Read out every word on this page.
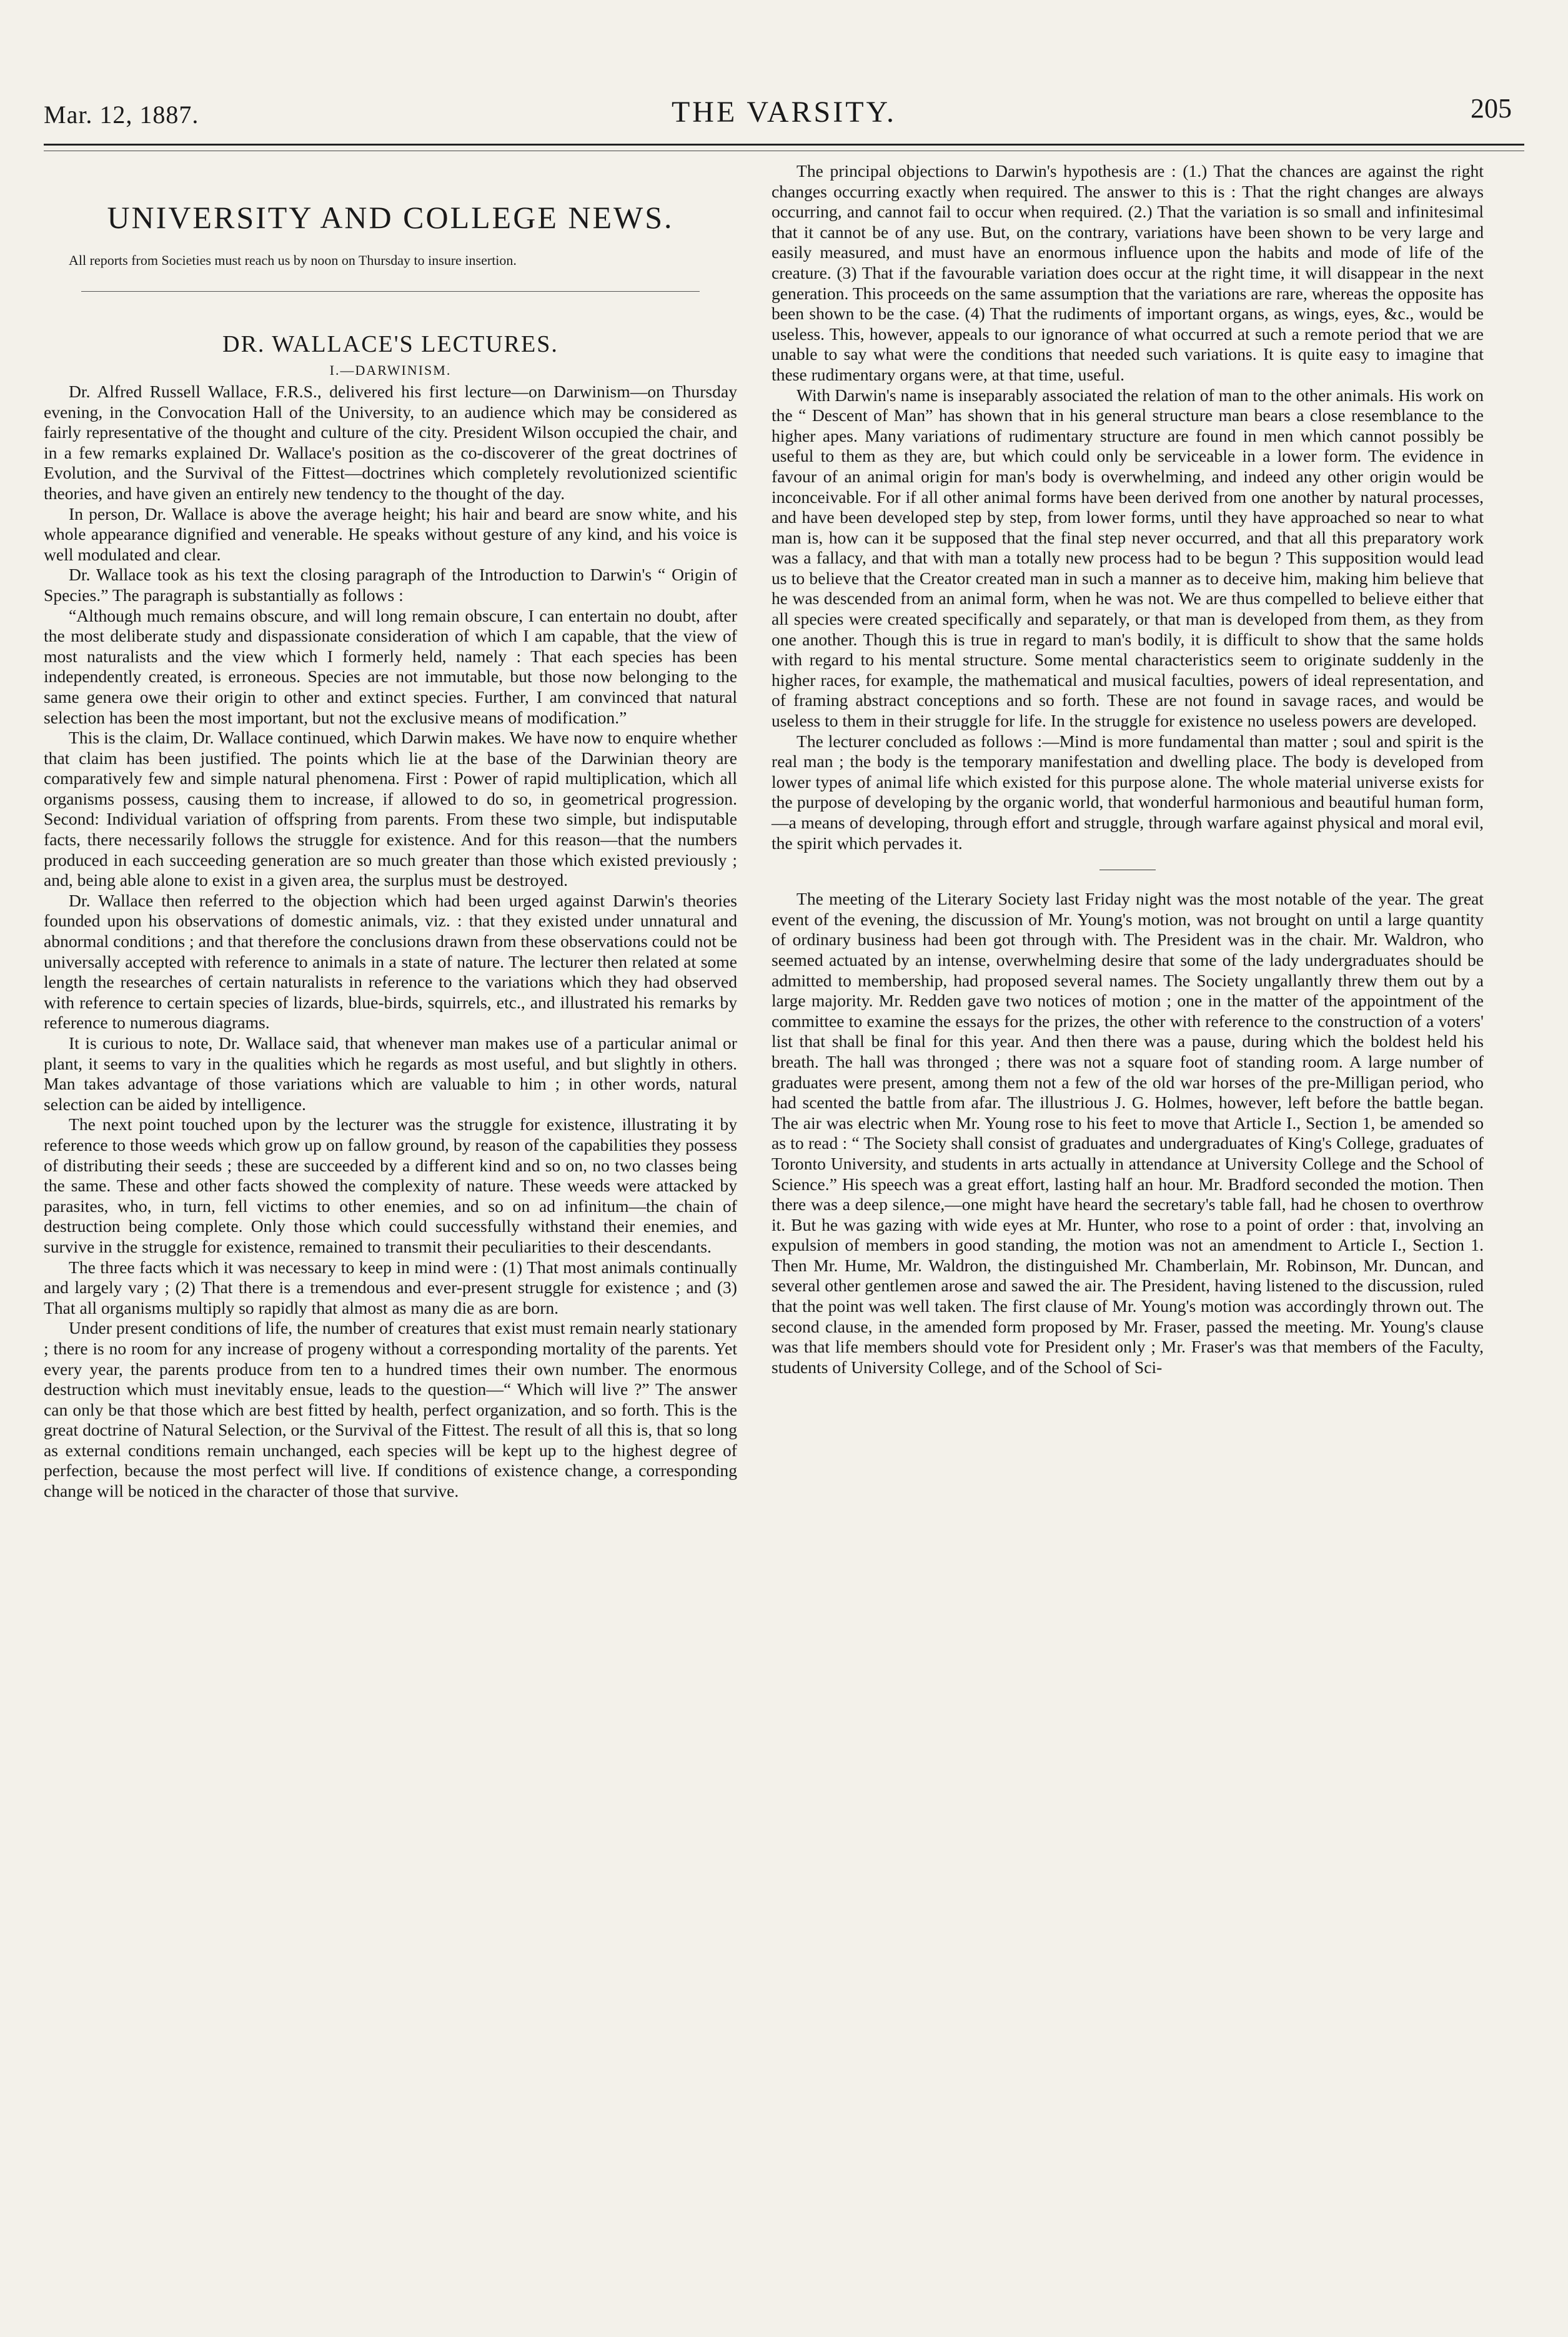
Mar. 12, 1887.	THE VARSITY.	205
UNIVERSITY AND COLLEGE NEWS.

All reports from Societies must reach us by noon on Thursday to insure insertion.

DR. WALLACE'S LECTURES.
I.—DARWINISM.

Dr. Alfred Russell Wallace, F.R.S., delivered his first lecture—on Darwinism—on Thursday evening, in the Convocation Hall of the University, to an audience which may be considered as fairly representative of the thought and culture of the city. President Wilson occupied the chair, and in a few remarks explained Dr. Wallace's position as the co-discoverer of the great doctrines of Evolution, and the Survival of the Fittest—doctrines which completely revolutionized scientific theories, and have given an entirely new tendency to the thought of the day.

In person, Dr. Wallace is above the average height; his hair and beard are snow white, and his whole appearance dignified and venerable. He speaks without gesture of any kind, and his voice is well modulated and clear.

Dr. Wallace took as his text the closing paragraph of the Introduction to Darwin's “ Origin of Species.” The paragraph is substantially as follows :

“Although much remains obscure, and will long remain obscure, I can entertain no doubt, after the most deliberate study and dispassionate consideration of which I am capable, that the view of most naturalists and the view which I formerly held, namely : That each species has been independently created, is erroneous. Species are not immutable, but those now belonging to the same genera owe their origin to other and extinct species. Further, I am convinced that natural selection has been the most important, but not the exclusive means of modification.”

This is the claim, Dr. Wallace continued, which Darwin makes. We have now to enquire whether that claim has been justified. The points which lie at the base of the Darwinian theory are comparatively few and simple natural phenomena. First : Power of rapid multiplication, which all organisms possess, causing them to increase, if allowed to do so, in geometrical progression. Second: Individual variation of offspring from parents. From these two simple, but indisputable facts, there necessarily follows the struggle for existence. And for this reason—that the numbers produced in each succeeding generation are so much greater than those which existed previously ; and, being able alone to exist in a given area, the surplus must be destroyed.

Dr. Wallace then referred to the objection which had been urged against Darwin's theories founded upon his observations of domestic animals, viz. : that they existed under unnatural and abnormal conditions ; and that therefore the conclusions drawn from these observations could not be universally accepted with reference to animals in a state of nature. The lecturer then related at some length the researches of certain naturalists in reference to the variations which they had observed with reference to certain species of lizards, blue-birds, squirrels, etc., and illustrated his remarks by reference to numerous diagrams.

It is curious to note, Dr. Wallace said, that whenever man makes use of a particular animal or plant, it seems to vary in the qualities which he regards as most useful, and but slightly in others. Man takes advantage of those variations which are valuable to him ; in other words, natural selection can be aided by intelligence.

The next point touched upon by the lecturer was the struggle for existence, illustrating it by reference to those weeds which grow up on fallow ground, by reason of the capabilities they possess of distributing their seeds ; these are succeeded by a different kind and so on, no two classes being the same. These and other facts showed the complexity of nature. These weeds were attacked by parasites, who, in turn, fell victims to other enemies, and so on ad infinitum—the chain of destruction being complete. Only those which could successfully withstand their enemies, and survive in the struggle for existence, remained to transmit their peculiarities to their descendants.

The three facts which it was necessary to keep in mind were : (1) That most animals continually and largely vary ; (2) That there is a tremendous and ever-present struggle for existence ; and (3) That all organisms multiply so rapidly that almost as many die as are born.

Under present conditions of life, the number of creatures that exist must remain nearly stationary ; there is no room for any increase of progeny without a corresponding mortality of the parents. Yet every year, the parents produce from ten to a hundred times their own number. The enormous destruction which must inevitably ensue, leads to the question—“ Which will live ?” The answer can only be that those which are best fitted by health, perfect organization, and so forth. This is the great doctrine of Natural Selection, or the Survival of the Fittest. The result of all this is, that so long as external conditions remain unchanged, each species will be kept up to the highest degree of perfection, because the most perfect will live. If conditions of existence change, a corresponding change will be noticed in the character of those that survive.

The principal objections to Darwin's hypothesis are : (1.) That the chances are against the right changes occurring exactly when required. The answer to this is : That the right changes are always occurring, and cannot fail to occur when required. (2.) That the variation is so small and infinitesimal that it cannot be of any use. But, on the contrary, variations have been shown to be very large and easily measured, and must have an enormous influence upon the habits and mode of life of the creature. (3) That if the favourable variation does occur at the right time, it will disappear in the next generation. This proceeds on the same assumption that the variations are rare, whereas the opposite has been shown to be the case. (4) That the rudiments of important organs, as wings, eyes, &c., would be useless. This, however, appeals to our ignorance of what occurred at such a remote period that we are unable to say what were the conditions that needed such variations. It is quite easy to imagine that these rudimentary organs were, at that time, useful.

With Darwin's name is inseparably associated the relation of man to the other animals. His work on the “ Descent of Man” has shown that in his general structure man bears a close resemblance to the higher apes. Many variations of rudimentary structure are found in men which cannot possibly be useful to them as they are, but which could only be serviceable in a lower form. The evidence in favour of an animal origin for man's body is overwhelming, and indeed any other origin would be inconceivable. For if all other animal forms have been derived from one another by natural processes, and have been developed step by step, from lower forms, until they have approached so near to what man is, how can it be supposed that the final step never occurred, and that all this preparatory work was a fallacy, and that with man a totally new process had to be begun ? This supposition would lead us to believe that the Creator created man in such a manner as to deceive him, making him believe that he was descended from an animal form, when he was not. We are thus compelled to believe either that all species were created specifically and separately, or that man is developed from them, as they from one another. Though this is true in regard to man's bodily, it is difficult to show that the same holds with regard to his mental structure. Some mental characteristics seem to originate suddenly in the higher races, for example, the mathematical and musical faculties, powers of ideal representation, and of framing abstract conceptions and so forth. These are not found in savage races, and would be useless to them in their struggle for life. In the struggle for existence no useless powers are developed.

The lecturer concluded as follows :—Mind is more fundamental than matter ; soul and spirit is the real man ; the body is the temporary manifestation and dwelling place. The body is developed from lower types of animal life which existed for this purpose alone. The whole material universe exists for the purpose of developing by the organic world, that wonderful harmonious and beautiful human form,—a means of developing, through effort and struggle, through warfare against physical and moral evil, the spirit which pervades it.

The meeting of the Literary Society last Friday night was the most notable of the year. The great event of the evening, the discussion of Mr. Young's motion, was not brought on until a large quantity of ordinary business had been got through with. The President was in the chair. Mr. Waldron, who seemed actuated by an intense, overwhelming desire that some of the lady undergraduates should be admitted to membership, had proposed several names. The Society ungallantly threw them out by a large majority. Mr. Redden gave two notices of motion ; one in the matter of the appointment of the committee to examine the essays for the prizes, the other with reference to the construction of a voters' list that shall be final for this year. And then there was a pause, during which the boldest held his breath. The hall was thronged ; there was not a square foot of standing room. A large number of graduates were present, among them not a few of the old war horses of the pre-Milligan period, who had scented the battle from afar. The illustrious J. G. Holmes, however, left before the battle began. The air was electric when Mr. Young rose to his feet to move that Article I., Section 1, be amended so as to read : “ The Society shall consist of graduates and undergraduates of King's College, graduates of Toronto University, and students in arts actually in attendance at University College and the School of Science.” His speech was a great effort, lasting half an hour. Mr. Bradford seconded the motion. Then there was a deep silence,—one might have heard the secretary's table fall, had he chosen to overthrow it. But he was gazing with wide eyes at Mr. Hunter, who rose to a point of order : that, involving an expulsion of members in good standing, the motion was not an amendment to Article I., Section 1. Then Mr. Hume, Mr. Waldron, the distinguished Mr. Chamberlain, Mr. Robinson, Mr. Duncan, and several other gentlemen arose and sawed the air. The President, having listened to the discussion, ruled that the point was well taken. The first clause of Mr. Young's motion was accordingly thrown out. The second clause, in the amended form proposed by Mr. Fraser, passed the meeting. Mr. Young's clause was that life members should vote for President only ; Mr. Fraser's was that members of the Faculty, students of University College, and of the School of Sci-
